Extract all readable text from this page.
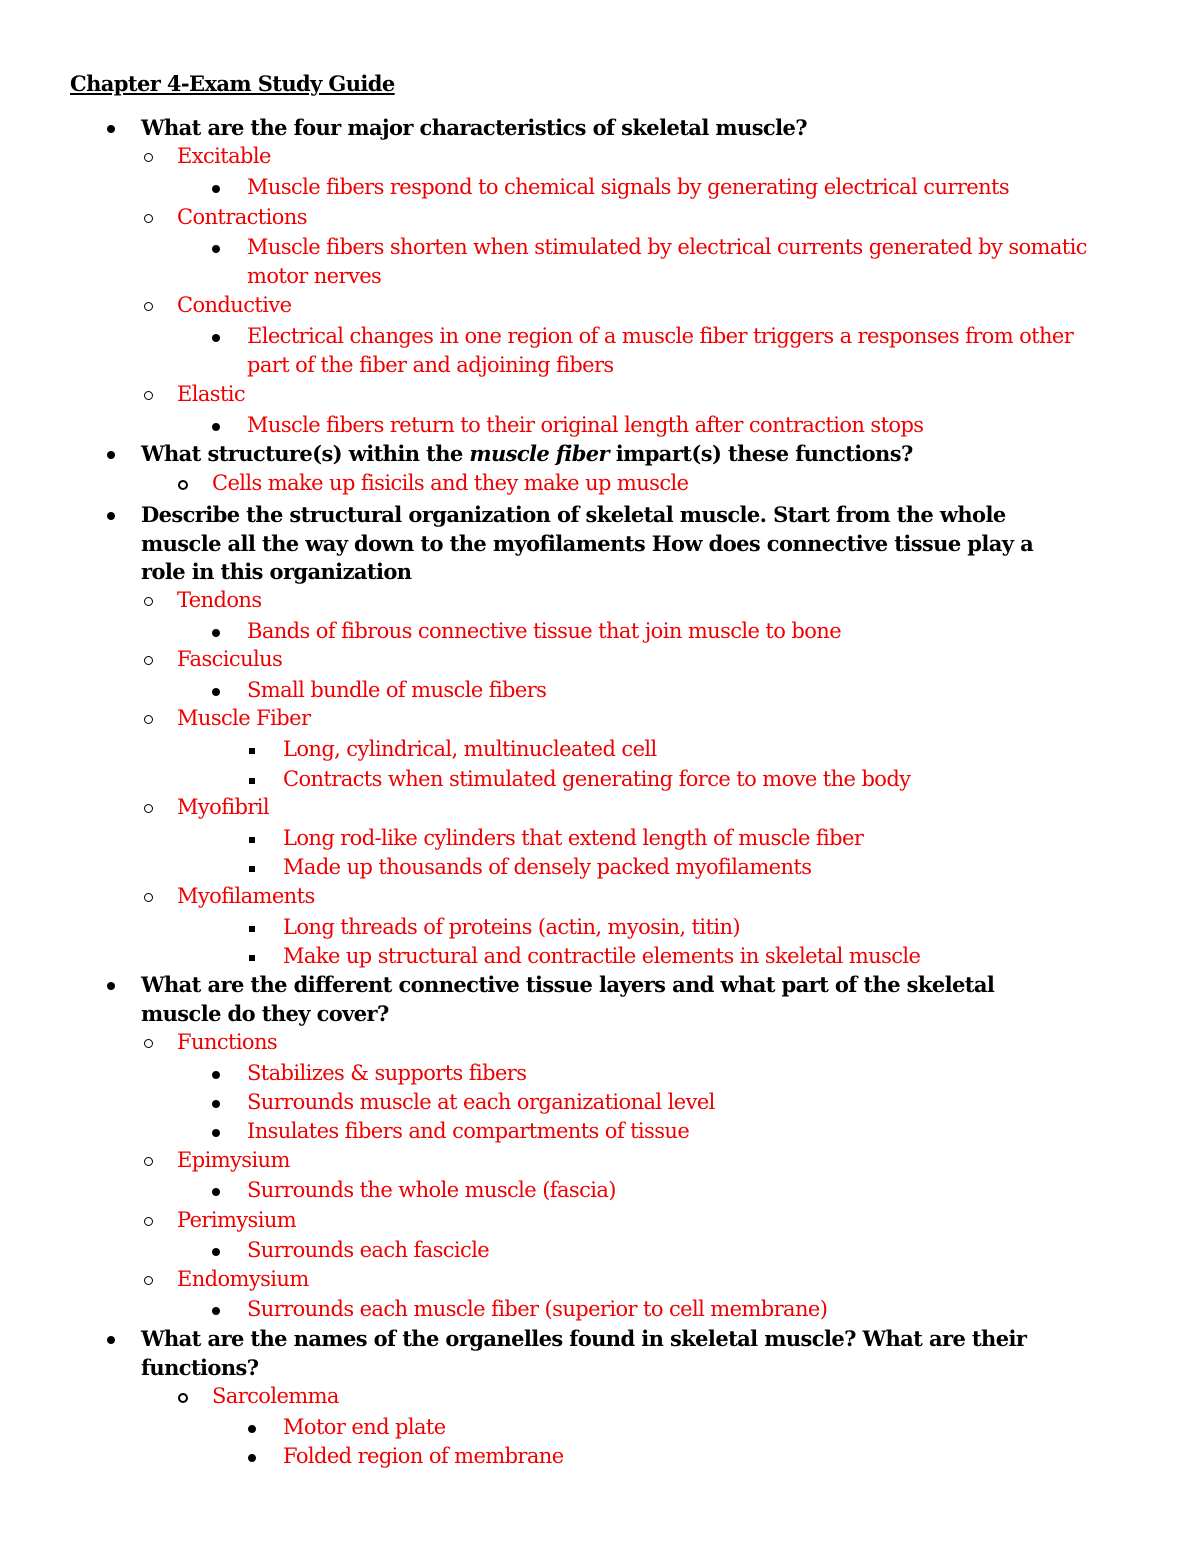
Chapter 4-Exam Study Guide

What are the four major characteristics of skeletal muscle?

Excitable

Muscle fibers respond to chemical signals by generating electrical currents

Contractions

Muscle fibers shorten when stimulated by electrical currents generated by somatic

motor nerves

Conductive

Electrical changes in one region of a muscle fiber triggers a responses from other

part of the fiber and adjoining fibers

Elastic

Muscle fibers return to their original length after contraction stops

What structure(s) within the muscle fiber impart(s) these functions?

Cells make up fisicils and they make up muscle

Describe the structural organization of skeletal muscle. Start from the whole

muscle all the way down to the myofilaments How does connective tissue play a

role in this organization

Tendons

Bands of fibrous connective tissue that join muscle to bone

Fasciculus

Small bundle of muscle fibers

Muscle Fiber

Long, cylindrical, multinucleated cell

Contracts when stimulated generating force to move the body

Myofibril

Long rod-like cylinders that extend length of muscle fiber

Made up thousands of densely packed myofilaments

Myofilaments

Long threads of proteins (actin, myosin, titin)

Make up structural and contractile elements in skeletal muscle

What are the different connective tissue layers and what part of the skeletal

muscle do they cover?

Functions

Stabilizes & supports fibers

Surrounds muscle at each organizational level

Insulates fibers and compartments of tissue

Epimysium

Surrounds the whole muscle (fascia)

Perimysium

Surrounds each fascicle

Endomysium

Surrounds each muscle fiber (superior to cell membrane)

What are the names of the organelles found in skeletal muscle? What are their

functions?

Sarcolemma

Motor end plate

Folded region of membrane
